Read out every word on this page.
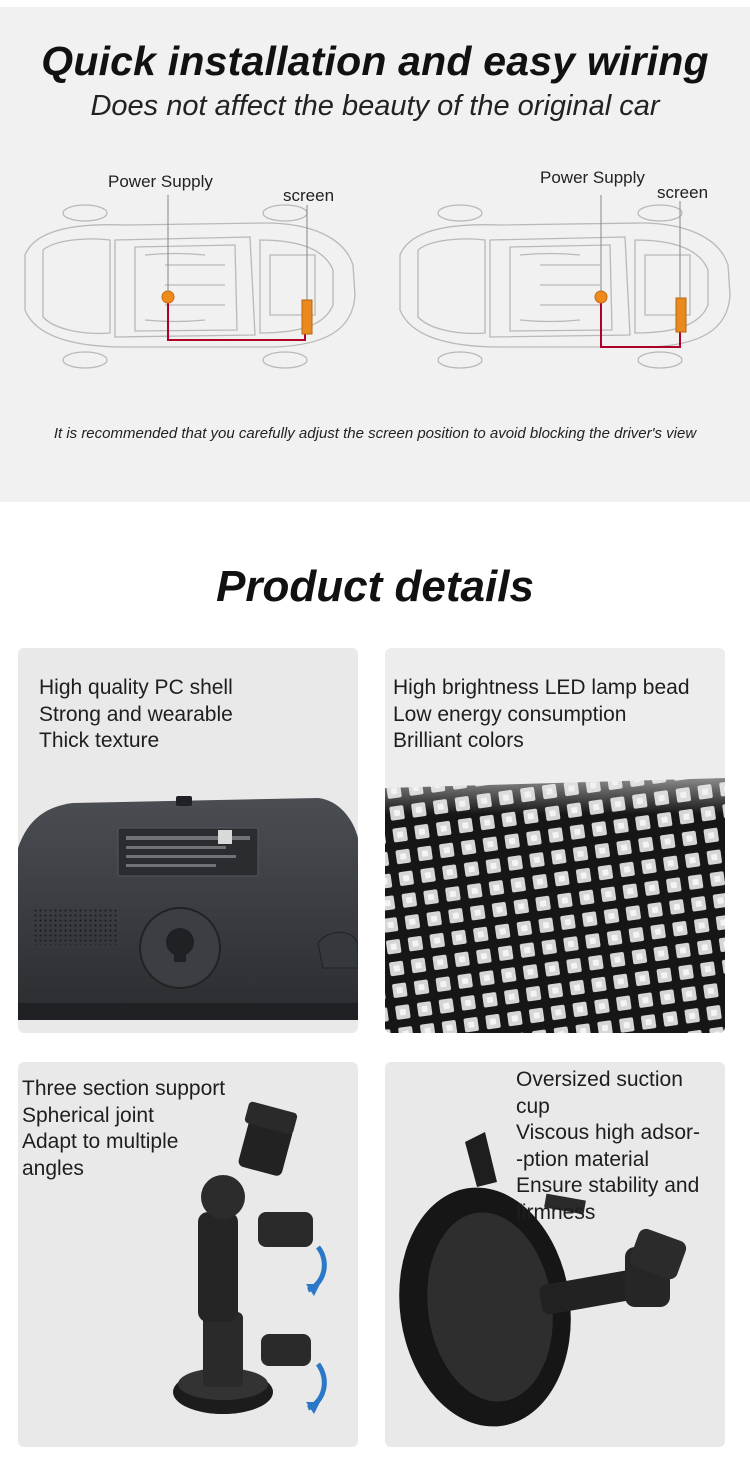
Quick installation and easy wiring
Does not affect the beauty of the original car
Power Supply
screen
Power Supply
screen
It is recommended that you carefully adjust the screen position to avoid blocking the driver's view
Product details
High quality PC shell
Strong and wearable
Thick texture
High brightness LED lamp bead
Low energy consumption
Brilliant colors
Three section support
Spherical joint
Adapt to multiple
angles
Oversized suction
cup
Viscous high adsor-
-ption material
Ensure stability and
firmness
